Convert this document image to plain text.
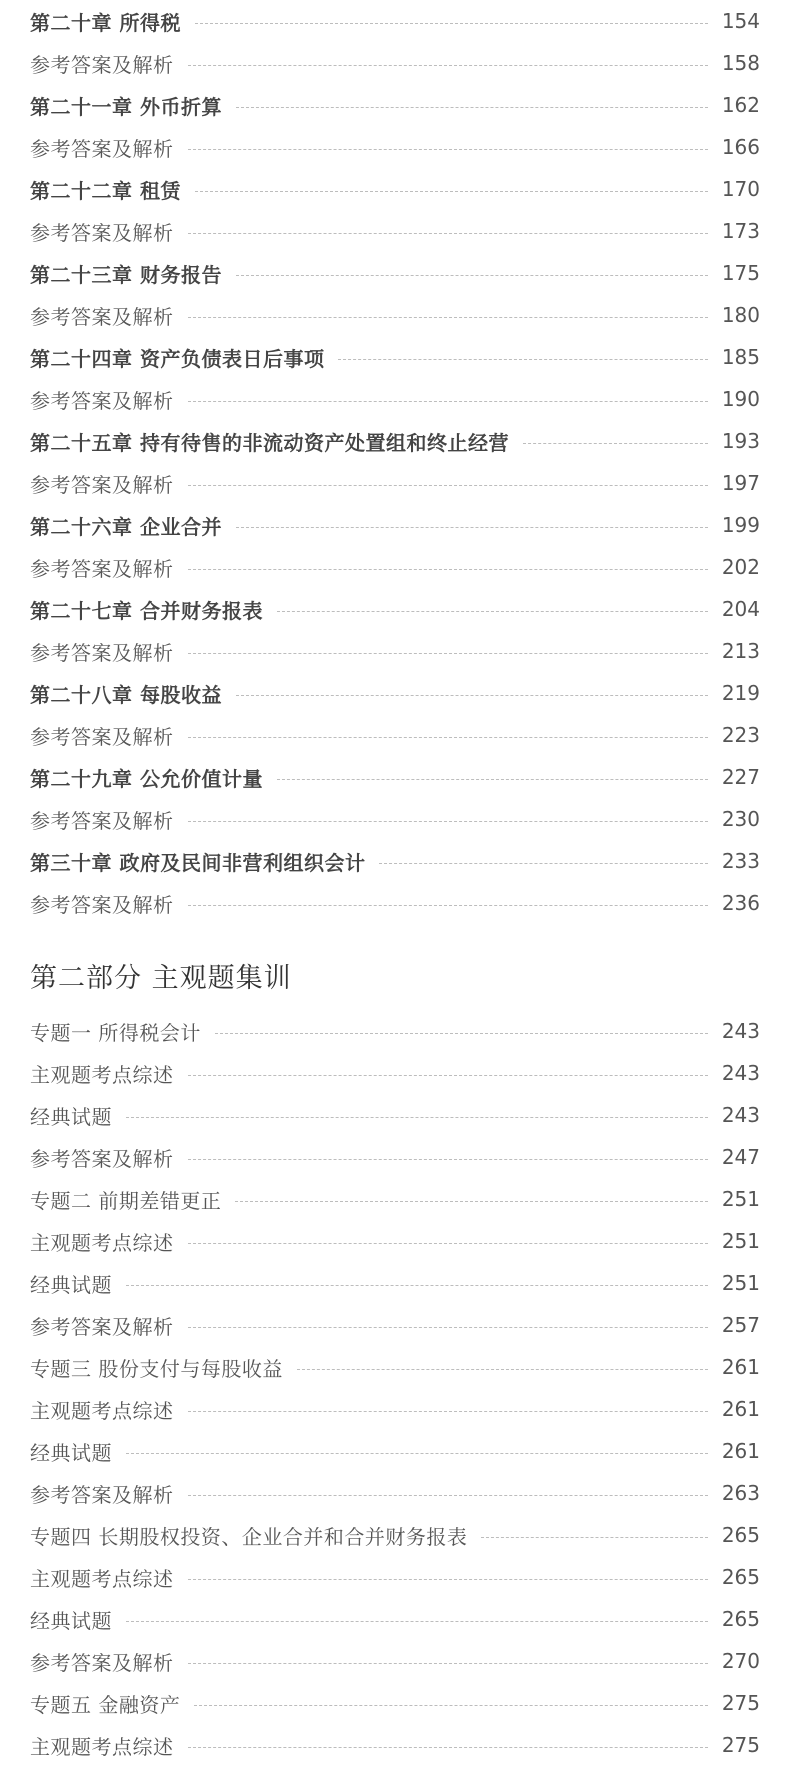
第二十章 所得税	154
参考答案及解析	158
第二十一章 外币折算	162
参考答案及解析	166
第二十二章 租赁	170
参考答案及解析	173
第二十三章 财务报告	175
参考答案及解析	180
第二十四章 资产负债表日后事项	185
参考答案及解析	190
第二十五章 持有待售的非流动资产处置组和终止经营	193
参考答案及解析	197
第二十六章 企业合并	199
参考答案及解析	202
第二十七章 合并财务报表	204
参考答案及解析	213
第二十八章 每股收益	219
参考答案及解析	223
第二十九章 公允价值计量	227
参考答案及解析	230
第三十章 政府及民间非营利组织会计	233
参考答案及解析	236
第二部分 主观题集训
专题一 所得税会计	243
主观题考点综述	243
经典试题	243
参考答案及解析	247
专题二 前期差错更正	251
主观题考点综述	251
经典试题	251
参考答案及解析	257
专题三 股份支付与每股收益	261
主观题考点综述	261
经典试题	261
参考答案及解析	263
专题四 长期股权投资、企业合并和合并财务报表	265
主观题考点综述	265
经典试题	265
参考答案及解析	270
专题五 金融资产	275
主观题考点综述	275
